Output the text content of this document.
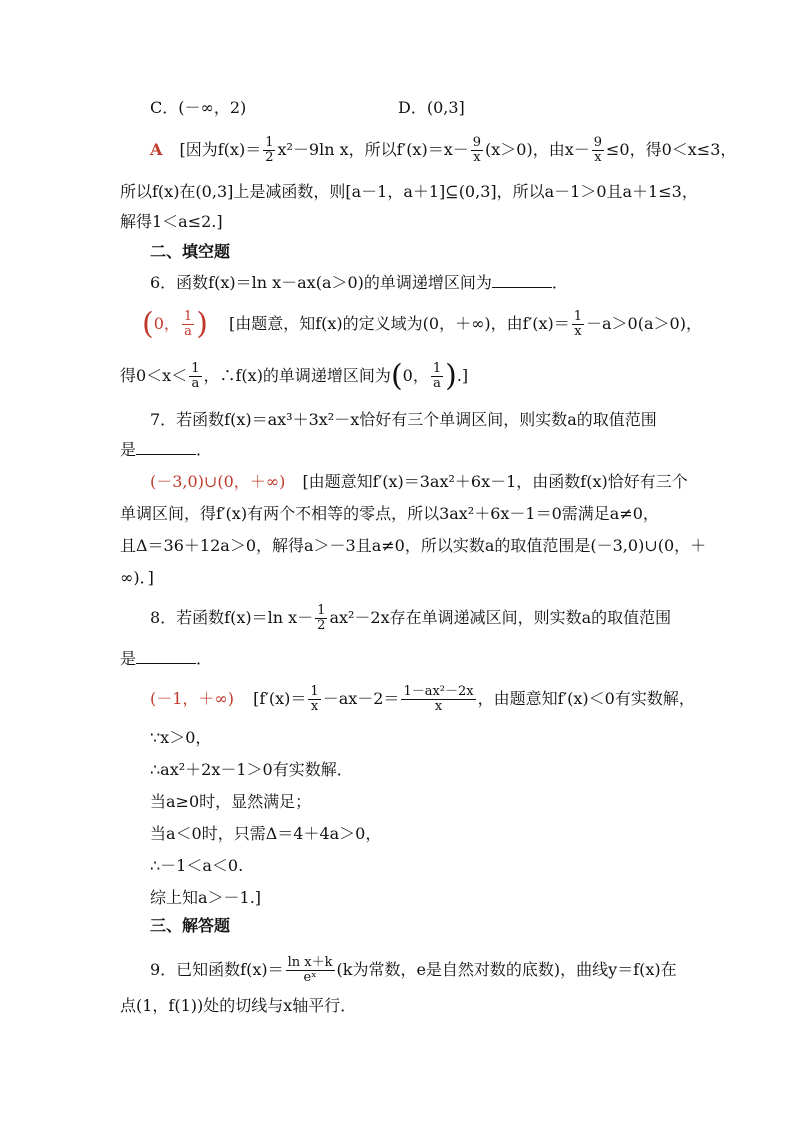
C．(－∞，2)	D．(0,3]
A [因为$f(x)= \frac{1}{2} x^2-9\ln$ x，所以$f'(x)=x- \frac{9}{x} (x>0)$，由$x- \frac{9}{x} \le 0$，得0＜x≤3，
所以f(x)在(0,3]上是减函数，则[a－1，a＋1]⊆(0,3]，所以a－1＞0且a＋1≤3，
解得1＜a≤2.]
二、填空题
6．函数f(x)＝ln x－ax(a＞0)的单调递增区间为	．
(0， $\frac{1}{a}$ ) [由题意，知f(x)的定义域为(0，＋∞)，由$f'(x)= \frac{1}{x} -a>0(a>0)$，
得$0<x< \frac{1}{a}$ ，∴f(x)的单调递增区间为(0， $\frac{1}{a}$ ).]
7．若函数f(x)＝ax³＋3x²－x恰好有三个单调区间，则实数a的取值范围
是	．
(－3,0)∪(0，＋∞) [由题意知f′(x)＝3ax²＋6x－1，由函数f(x)恰好有三个
单调区间，得f′(x)有两个不相等的零点，所以3ax²＋6x－1＝0需满足a≠0，
且Δ＝36＋12a＞0，解得a＞－3且a≠0，所以实数a的取值范围是(－3,0)∪(0，＋
∞)．]
8．若函数f(x)＝ln $x- \frac{1}{2} ax^2-2x$存在单调递减区间，则实数a的取值范围
是	．
(－1，＋∞) [$f'(x)= \frac{1}{x} -ax-2= \frac{\text{1－ax²－2x}}{x}$ ，由题意知f′(x)＜0有实数解，
∵x＞0，
∴ax²＋2x－1＞0有实数解．
当a≥0时，显然满足；
当a＜0时，只需Δ＝4＋4a＞0，
∴－1＜a＜0.
综上知a＞－1.]
三、解答题
9．已知函数$f(x)= \frac{\text{ln x＋k}}{\text{eˣ}} (k$为常数，e是自然对数的底数)，曲线y＝f(x)在
点(1，f(1))处的切线与x轴平行．
